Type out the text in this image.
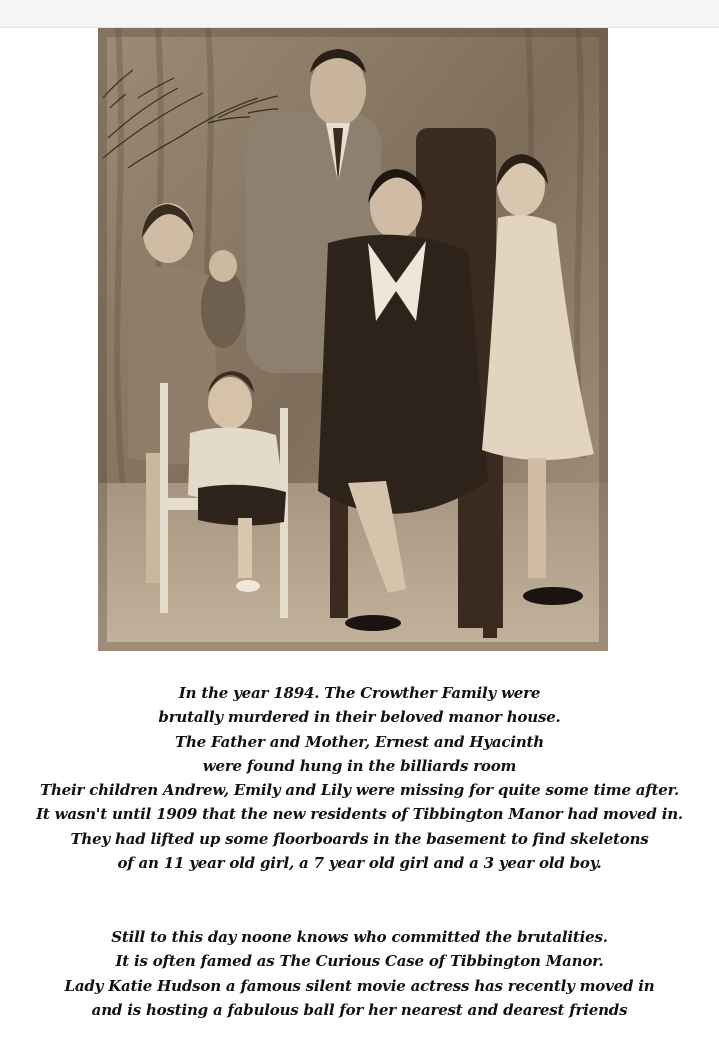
In the year 1894. The Crowther Family were
brutally murdered in their beloved manor house.
The Father and Mother, Ernest and Hyacinth
were found hung in the billiards room
Their children Andrew, Emily and Lily were missing for quite some time after.
It wasn't until 1909 that the new residents of Tibbington Manor had moved in.
They had lifted up some floorboards in the basement to find skeletons
of an 11 year old girl, a 7 year old girl and a 3 year old boy.
Still to this day noone knows who committed the brutalities.
It is often famed as The Curious Case of Tibbington Manor.
Lady Katie Hudson a famous silent movie actress has recently moved in
and is hosting a fabulous ball for her nearest and dearest friends
